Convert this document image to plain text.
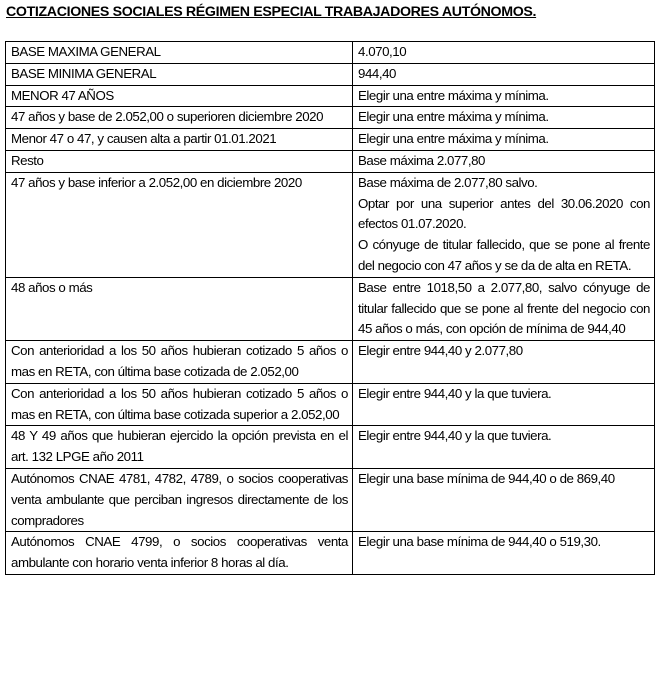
COTIZACIONES SOCIALES RÉGIMEN ESPECIAL TRABAJADORES AUTÓNOMOS.
BASE MAXIMA GENERAL	4.070,10

BASE MINIMA GENERAL	944,40

MENOR 47 AÑOS	Elegir una entre máxima y mínima.

47 años y base de 2.052,00 o superioren diciembre 2020	Elegir una entre máxima y mínima.

Menor 47 o 47, y causen alta a partir 01.01.2021	Elegir una entre máxima y mínima.

Resto	Base máxima 2.077,80

47 años y base inferior a 2.052,00 en diciembre 2020	Base máxima de 2.077,80 salvo.
Optar por una superior antes del 30.06.2020 con efectos 01.07.2020.
O cónyuge de titular fallecido, que se pone al frente del negocio con 47 años y se da de alta en RETA.

48 años o más	Base entre 1018,50 a 2.077,80, salvo cónyuge de titular fallecido que se pone al frente del negocio con 45 años o más, con opción de mínima de 944,40

Con anterioridad a los 50 años hubieran cotizado 5 años o mas en RETA, con última base cotizada de 2.052,00	Elegir entre 944,40 y 2.077,80

Con anterioridad a los 50 años hubieran cotizado 5 años o mas en RETA, con última base cotizada superior a 2.052,00	Elegir entre 944,40 y la que tuviera.

48 Y 49 años que hubieran ejercido la opción prevista en el art. 132 LPGE año 2011	Elegir entre 944,40 y la que tuviera.

Autónomos CNAE 4781, 4782, 4789, o socios cooperativas venta ambulante que perciban ingresos directamente de los compradores	Elegir una base mínima de 944,40 o de 869,40

Autónomos CNAE 4799, o socios cooperativas venta ambulante con horario venta inferior 8 horas al día.	Elegir una base mínima de 944,40 o 519,30.
